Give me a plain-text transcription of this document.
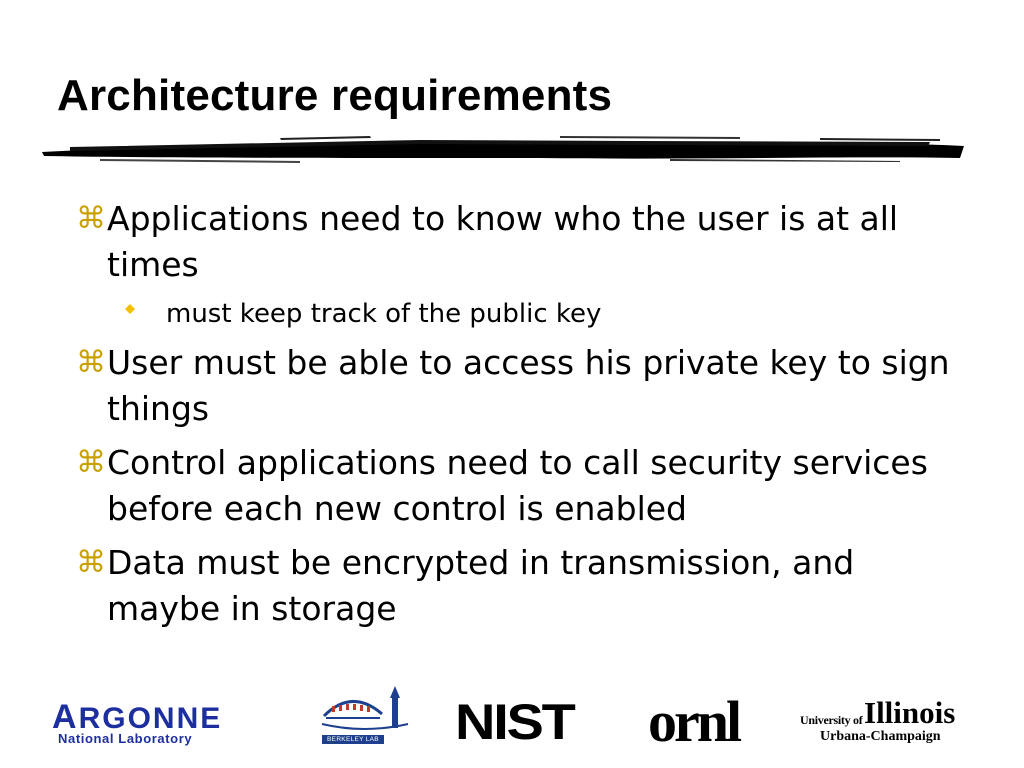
Architecture requirements
⌘ Applications need to know who the user is at all times
must keep track of the public key
⌘ User must be able to access his private key to sign things
⌘ Control applications need to call security services before each new control is enabled
⌘ Data must be encrypted in transmission, and maybe in storage
ARGONNE
National Laboratory	BERKELEY LAB NIST ornl	University of Illinois
Urbana-Champaign
